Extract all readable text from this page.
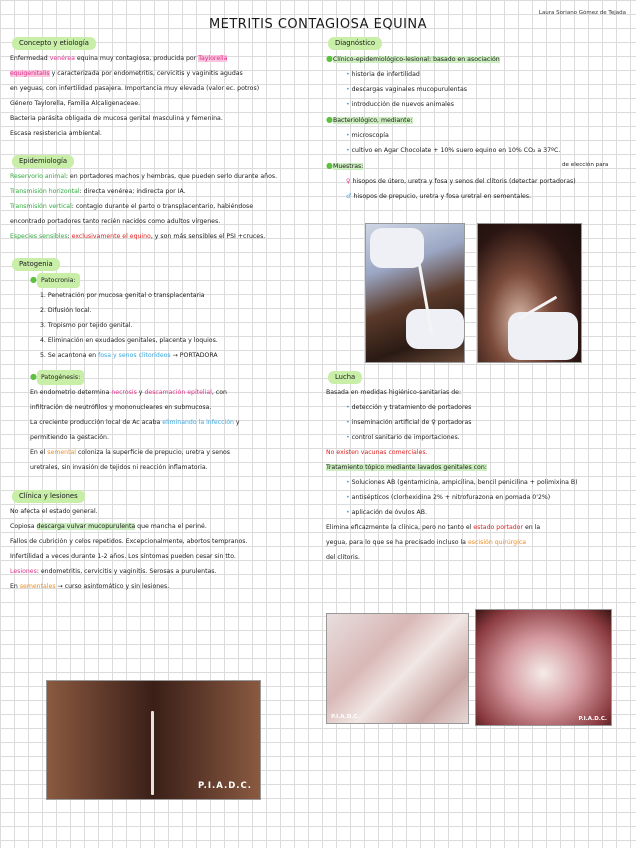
Laura Soriano Gómez de Tejada
METRITIS CONTAGIOSA EQUINA
Concepto y etiología
Enfermedad venérea equina muy contagiosa, producida por Taylorella
equigenitalis y caracterizada por endometritis, cervicitis y vaginitis agudas
en yeguas, con infertilidad pasajera. Importancia muy elevada (valor ec. potros)
Género Taylorella, Familia Alcaligenaceae.
Bacteria parásita obligada de mucosa genital masculina y femenina.
Escasa resistencia ambiental.
Epidemiología
Reservorio animal: en portadores machos y hembras, que pueden serlo durante años.
Transmisión horizontal: directa venérea; indirecta por IA.
Transmisión vertical: contagio durante el parto o transplacentario, habiéndose
encontrado portadores tanto recién nacidos como adultos vírgenes.
Especies sensibles: exclusivamente el equino, y son más sensibles el PSI +cruces.
Patogenia
● Patocronia:
1. Penetración por mucosa genital o transplacentaria
2. Difusión local.
3. Tropismo por tejido genital.
4. Eliminación en exudados genitales, placenta y loquios.
5. Se acantona en fosa y senos clitorídeos → PORTADORA
● Patogénesis:
En endometrio determina necrosis y descamación epitelial, con
infiltración de neutrófilos y mononucleares en submucosa.
La creciente producción local de Ac acaba eliminando la infección y
permitiendo la gestación.
En el semental coloniza la superficie de prepucio, uretra y senos
uretrales, sin invasión de tejidos ni reacción inflamatoria.
Clínica y lesiones
No afecta el estado general.
Copiosa descarga vulvar mucopurulenta que mancha el periné.
Fallos de cubrición y celos repetidos. Excepcionalmente, abortos tempranos.
Infertilidad a veces durante 1-2 años. Los síntomas pueden cesar sin tto.
Lesiones: endometritis, cervicitis y vaginitis. Serosas a purulentas.
En sementales → curso asintomático y sin lesiones.
Diagnóstico
●Clínico-epidemiológico-lesional: basado en asociación
• historia de infertilidad
• descargas vaginales mucopurulentas
• introducción de nuevos animales
●Bacteriológico, mediante:
• microscopía
• cultivo en Agar Chocolate + 10% suero equino en 10% CO₂ a 37ºC.
●Muestras:	de elección para
♀ hisopos de útero, uretra y fosa y senos del clítoris (detectar portadoras)
♂ hisopos de prepucio, uretra y fosa uretral en sementales.
Lucha
Basada en medidas higiénico-sanitarias de:
• detección y tratamiento de portadores
• inseminación artificial de ♀ portadoras
• control sanitario de importaciones.
No existen vacunas comerciales.
Tratamiento tópico mediante lavados genitales con:
• Soluciones AB (gentamicina, ampicilina, bencil penicilina + polimixina B)
• antisépticos (clorhexidina 2% + nitrofurazona en pomada 0'2%)
• aplicación de óvulos AB.
Elimina eficazmente la clínica, pero no tanto el estado portador en la
yegua, para lo que se ha precisado incluso la escisión quirúrgica
del clítoris.
P.I.A.D.C.	P.I.A.D.C.
P.I.A.D.C.
